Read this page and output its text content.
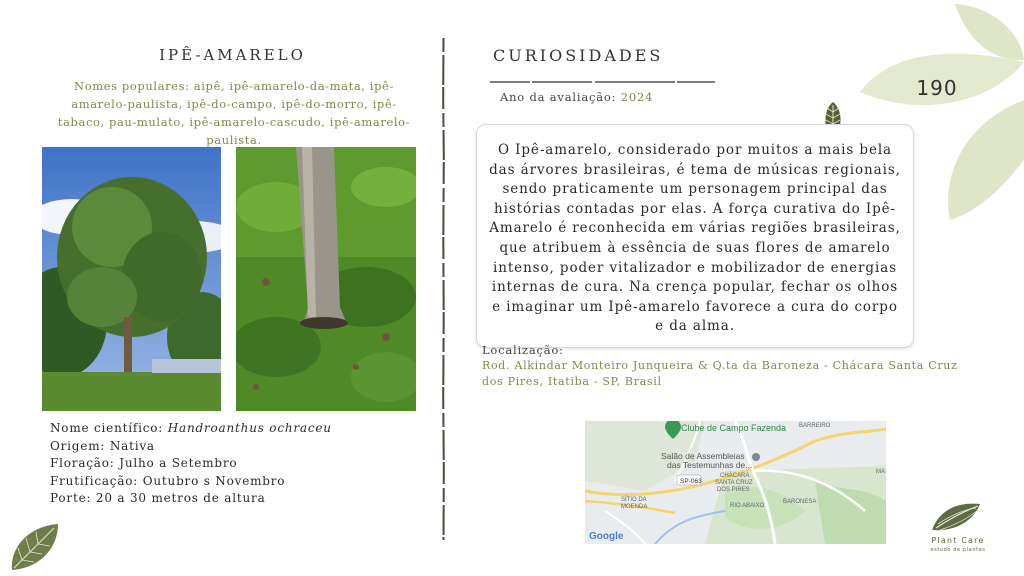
IPÊ-AMARELO
Nomes populares: aipê, ipê-amarelo-da-mata, ipê-amarelo-paulista, ipê-do-campo, ipê-do-morro, ipê-tabaco, pau-mulato, ipê-amarelo-cascudo, ipê-amarelo-paulista.
Nome científico: Handroanthus ochraceu
Origem: Nativa
Floração: Julho a Setembro
Frutificação: Outubro s Novembro
Porte: 20 a 30 metros de altura
CURIOSIDADES
Ano da avaliação: 2024

O Ipê-amarelo, considerado por muitos a mais bela das árvores brasileiras, é tema de músicas regionais, sendo praticamente um personagem principal das histórias contadas por elas. A força curativa do Ipê-Amarelo é reconhecida em várias regiões brasileiras, que atribuem à essência de suas flores de amarelo intenso, poder vitalizador e mobilizador de energias internas de cura. Na crença popular, fechar os olhos e imaginar um Ipê-amarelo favorece a cura do corpo e da alma.

Localização:
Rod. Alkindar Monteiro Junqueira & Q.ta da Baroneza - Chácara Santa Cruz dos Pires, Itatiba - SP, Brasil
Clube de Campo Fazenda
Salão de Assembleias
das Testemunhas de...
BARREIRO
SP-063
CHÁCARA
SANTA CRUZ
DOS PIRES
SÍTIO DA
MOENDA	RIO ABAIXO
BARONESA
MA
Google
190
Plant Care
estudo de plantas
